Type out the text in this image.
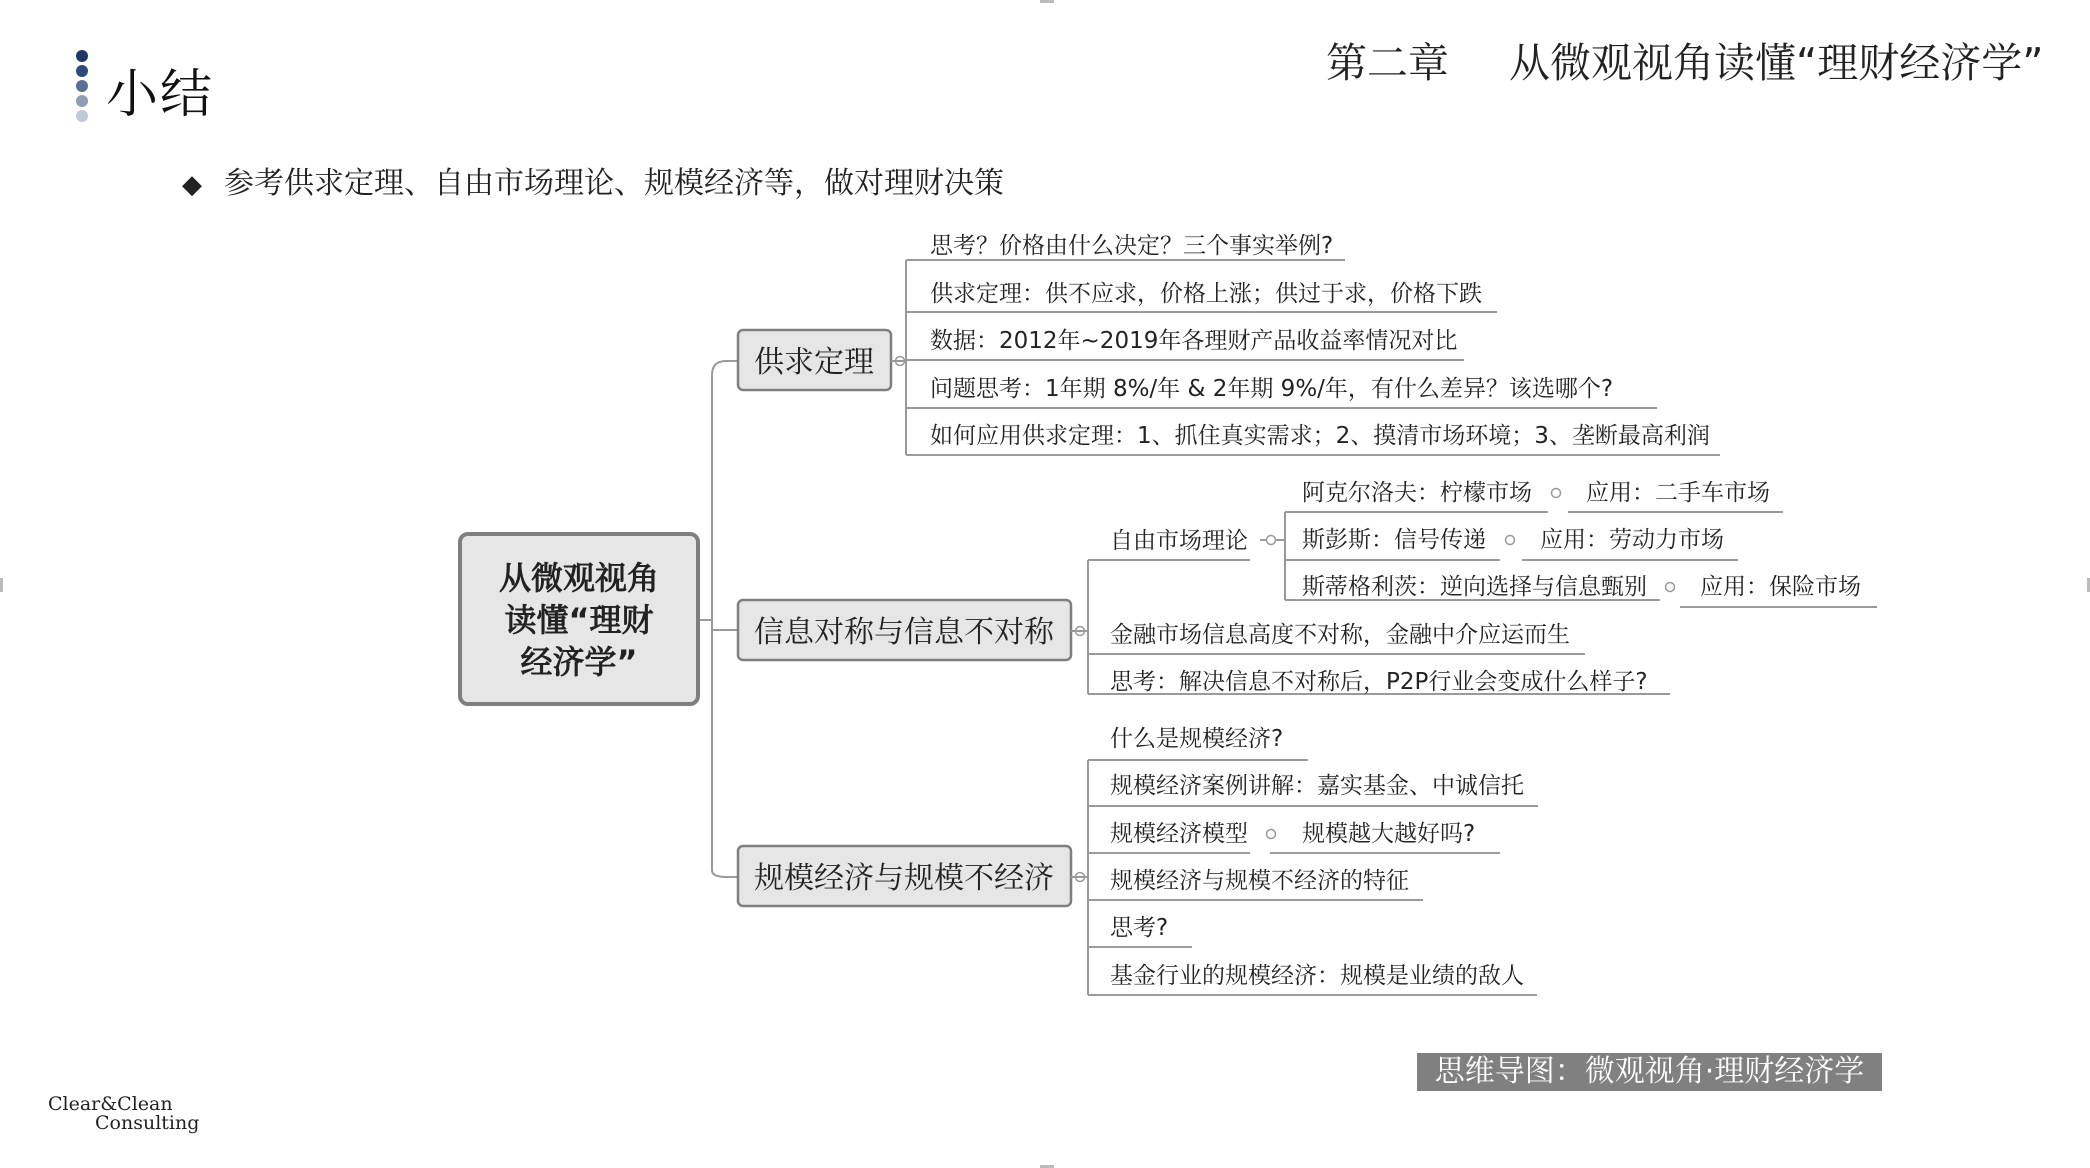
小结
第二章 从微观视角读懂“理财经济学”
◆ 参考供求定理、自由市场理论、规模经济等，做对理财决策
从微观视角
读懂“理财
经济学”
供求定理
思考？价格由什么决定？三个事实举例?
供求定理：供不应求，价格上涨；供过于求，价格下跌
数据：2012年~2019年各理财产品收益率情况对比
问题思考：1年期 8%/年 & 2年期 9%/年，有什么差异？该选哪个?
如何应用供求定理：1、抓住真实需求；2、摸清市场环境；3、垄断最高利润
信息对称与信息不对称
自由市场理论
阿克尔洛夫：柠檬市场 应用：二手车市场
斯彭斯：信号传递 应用：劳动力市场
斯蒂格利茨：逆向选择与信息甄别 应用：保险市场
金融市场信息高度不对称，金融中介应运而生
思考：解决信息不对称后，P2P行业会变成什么样子?
规模经济与规模不经济
什么是规模经济?
规模经济案例讲解：嘉实基金、中诚信托
规模经济模型 规模越大越好吗?
规模经济与规模不经济的特征
思考?
基金行业的规模经济：规模是业绩的敌人
思维导图：微观视角·理财经济学
Clear&Clean
Consulting
